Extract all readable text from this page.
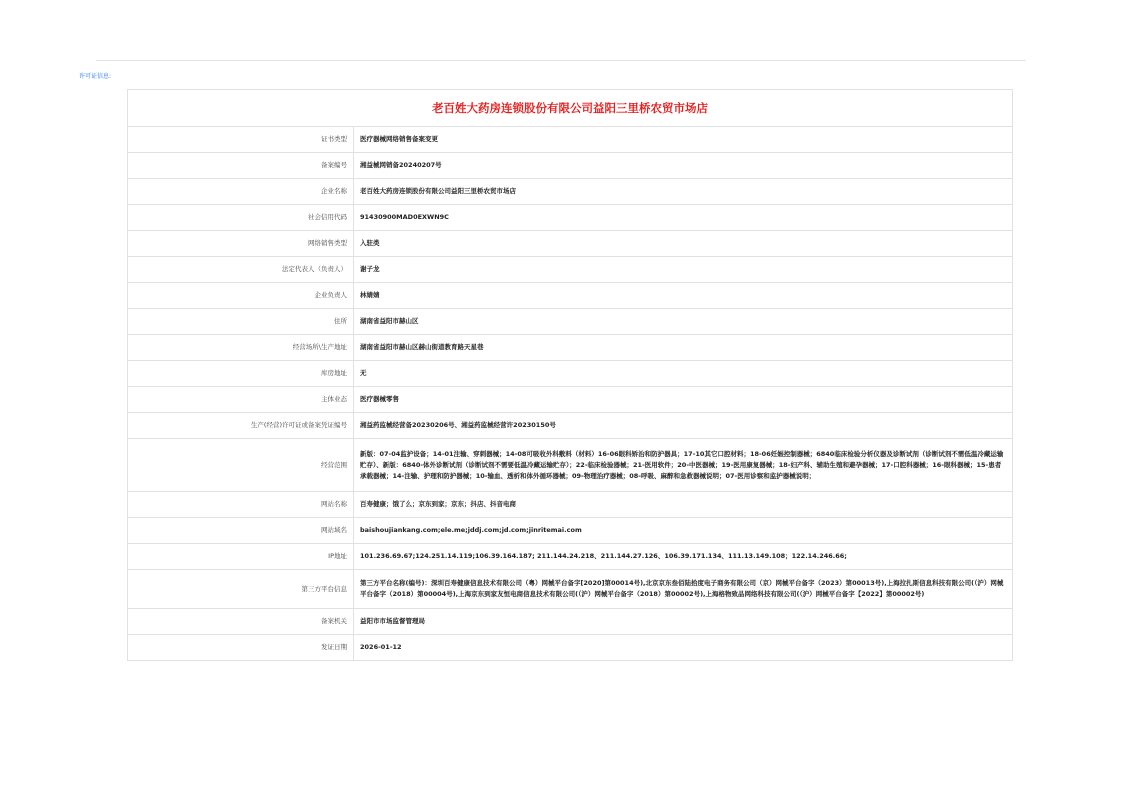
许可证信息:
老百姓大药房连锁股份有限公司益阳三里桥农贸市场店	
证书类型	医疗器械网络销售备案变更
备案编号	湘益械网销备20240207号
企业名称	老百姓大药房连锁股份有限公司益阳三里桥农贸市场店
社会信用代码	91430900MAD0EXWN9C
网络销售类型	入驻类
法定代表人（负责人）	谢子龙
企业负责人	林婧婧
住所	湖南省益阳市赫山区
经营场所\生产地址	湖南省益阳市赫山区赫山街道教育路天星巷
库房地址	无
主体业态	医疗器械零售
生产(经营)许可证或备案凭证编号	湘益药监械经营备20230206号、湘益药监械经营许20230150号
经营范围	新版：07-04监护设备；14-01注输、穿刺器械；14-08可吸收外科敷料（材料）16-06眼科矫治和防护器具；17-10其它口腔材料；18-06妊娠控制器械；6840临床检验分析仪器及诊断试剂（诊断试剂不需低温冷藏运输贮存）、新版：6840-体外诊断试剂（诊断试剂不需要低温冷藏运输贮存）；22-临床检验器械；21-医用软件；20-中医器械；19-医用康复器械；18-妇产科、辅助生殖和避孕器械；17-口腔科器械；16-眼科器械；15-患者承载器械；14-注输、护理和防护器械；10-输血、透析和体外循环器械；09-物理治疗器械；08-呼吸、麻醉和急救器械说明；07-医用诊察和监护器械说明；
网站名称	百寿健康；饿了么；京东到家；京东；抖店、抖音电商
网站域名	baishoujiankang.com;ele.me;jddj.com;jd.com;jinritemai.com
IP地址	101.236.69.67;124.251.14.119;106.39.164.187; 211.144.24.218、211.144.27.126、106.39.171.134、111.13.149.108；122.14.246.66;
第三方平台信息	第三方平台名称(编号)：深圳百寿健康信息技术有限公司（粤）网械平台备字[2020]第00014号),北京京东叁佰陆拾度电子商务有限公司（京）网械平台备字（2023）第00013号),上海拉扎斯信息科技有限公司(（沪）网械平台备字（2018）第00004号),上海京东到家友恒电商信息技术有限公司(（沪）网械平台备字（2018）第00002号),上海格物致品网络科技有限公司(（沪）网械平台备字【2022】第00002号)
备案机关	益阳市市场监督管理局
发证日期	2026-01-12
